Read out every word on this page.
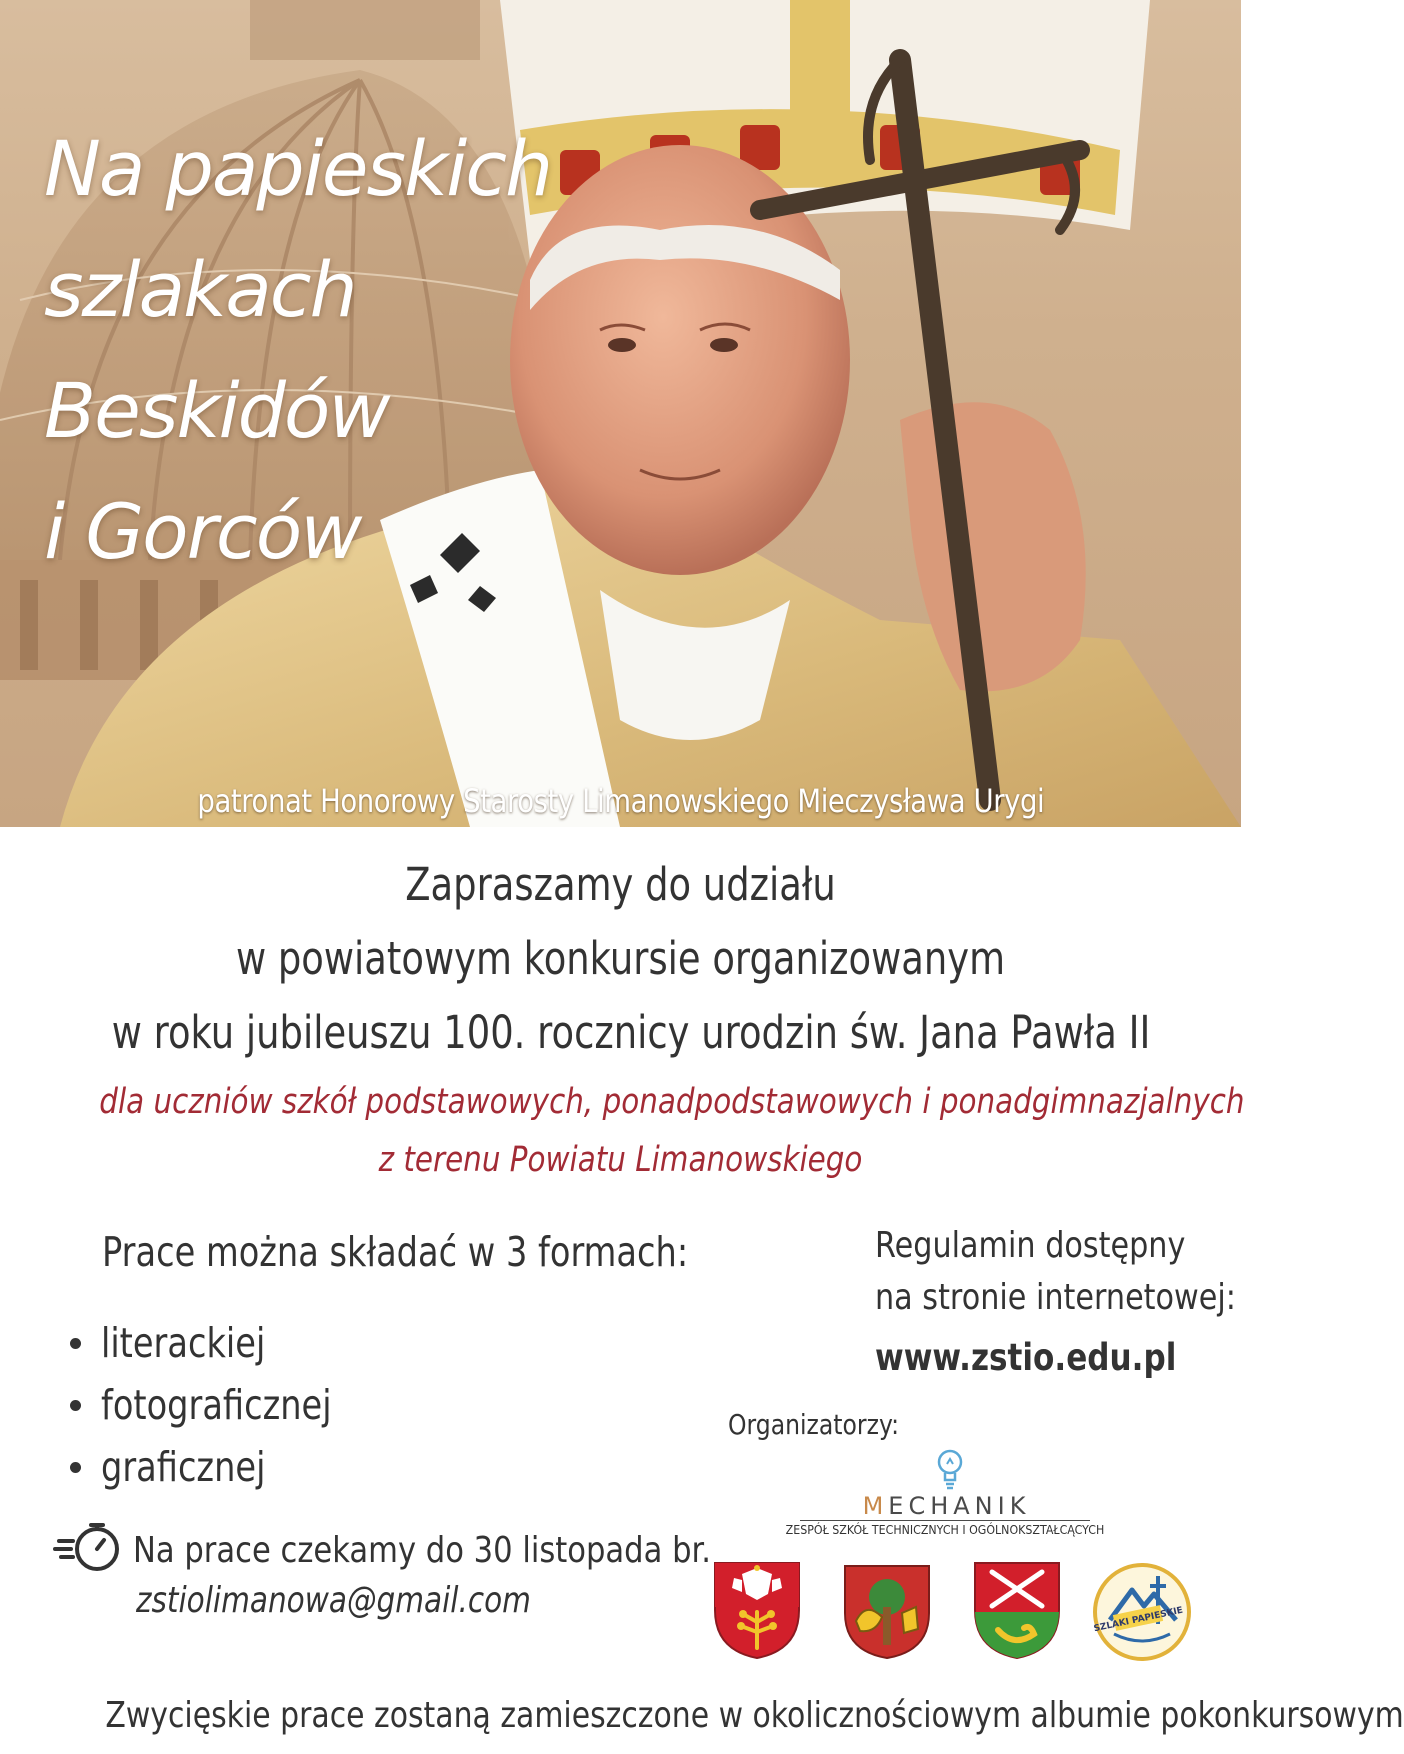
Na papieskich
szlakach
Beskidów
i Gorców
patronat Honorowy Starosty Limanowskiego Mieczysława Urygi
Zapraszamy do udziału
w powiatowym konkursie organizowanym
w roku jubileuszu 100. rocznicy urodzin św. Jana Pawła II
dla uczniów szkół podstawowych, ponadpodstawowych i ponadgimnazjalnych
z terenu Powiatu Limanowskiego
Prace można składać w 3 formach:
literackiej
fotograficznej
graficznej
Na prace czekamy do 30 listopada br.
zstiolimanowa@gmail.com
Regulamin dostępny
na stronie internetowej:
www.zstio.edu.pl
Organizatorzy:
MECHANIK
ZESPÓŁ SZKÓŁ TECHNICZNYCH I OGÓLNOKSZTAŁCĄCYCH
SZLAKI PAPIESKIE
Zwycięskie prace zostaną zamieszczone w okolicznościowym albumie pokonkursowym
